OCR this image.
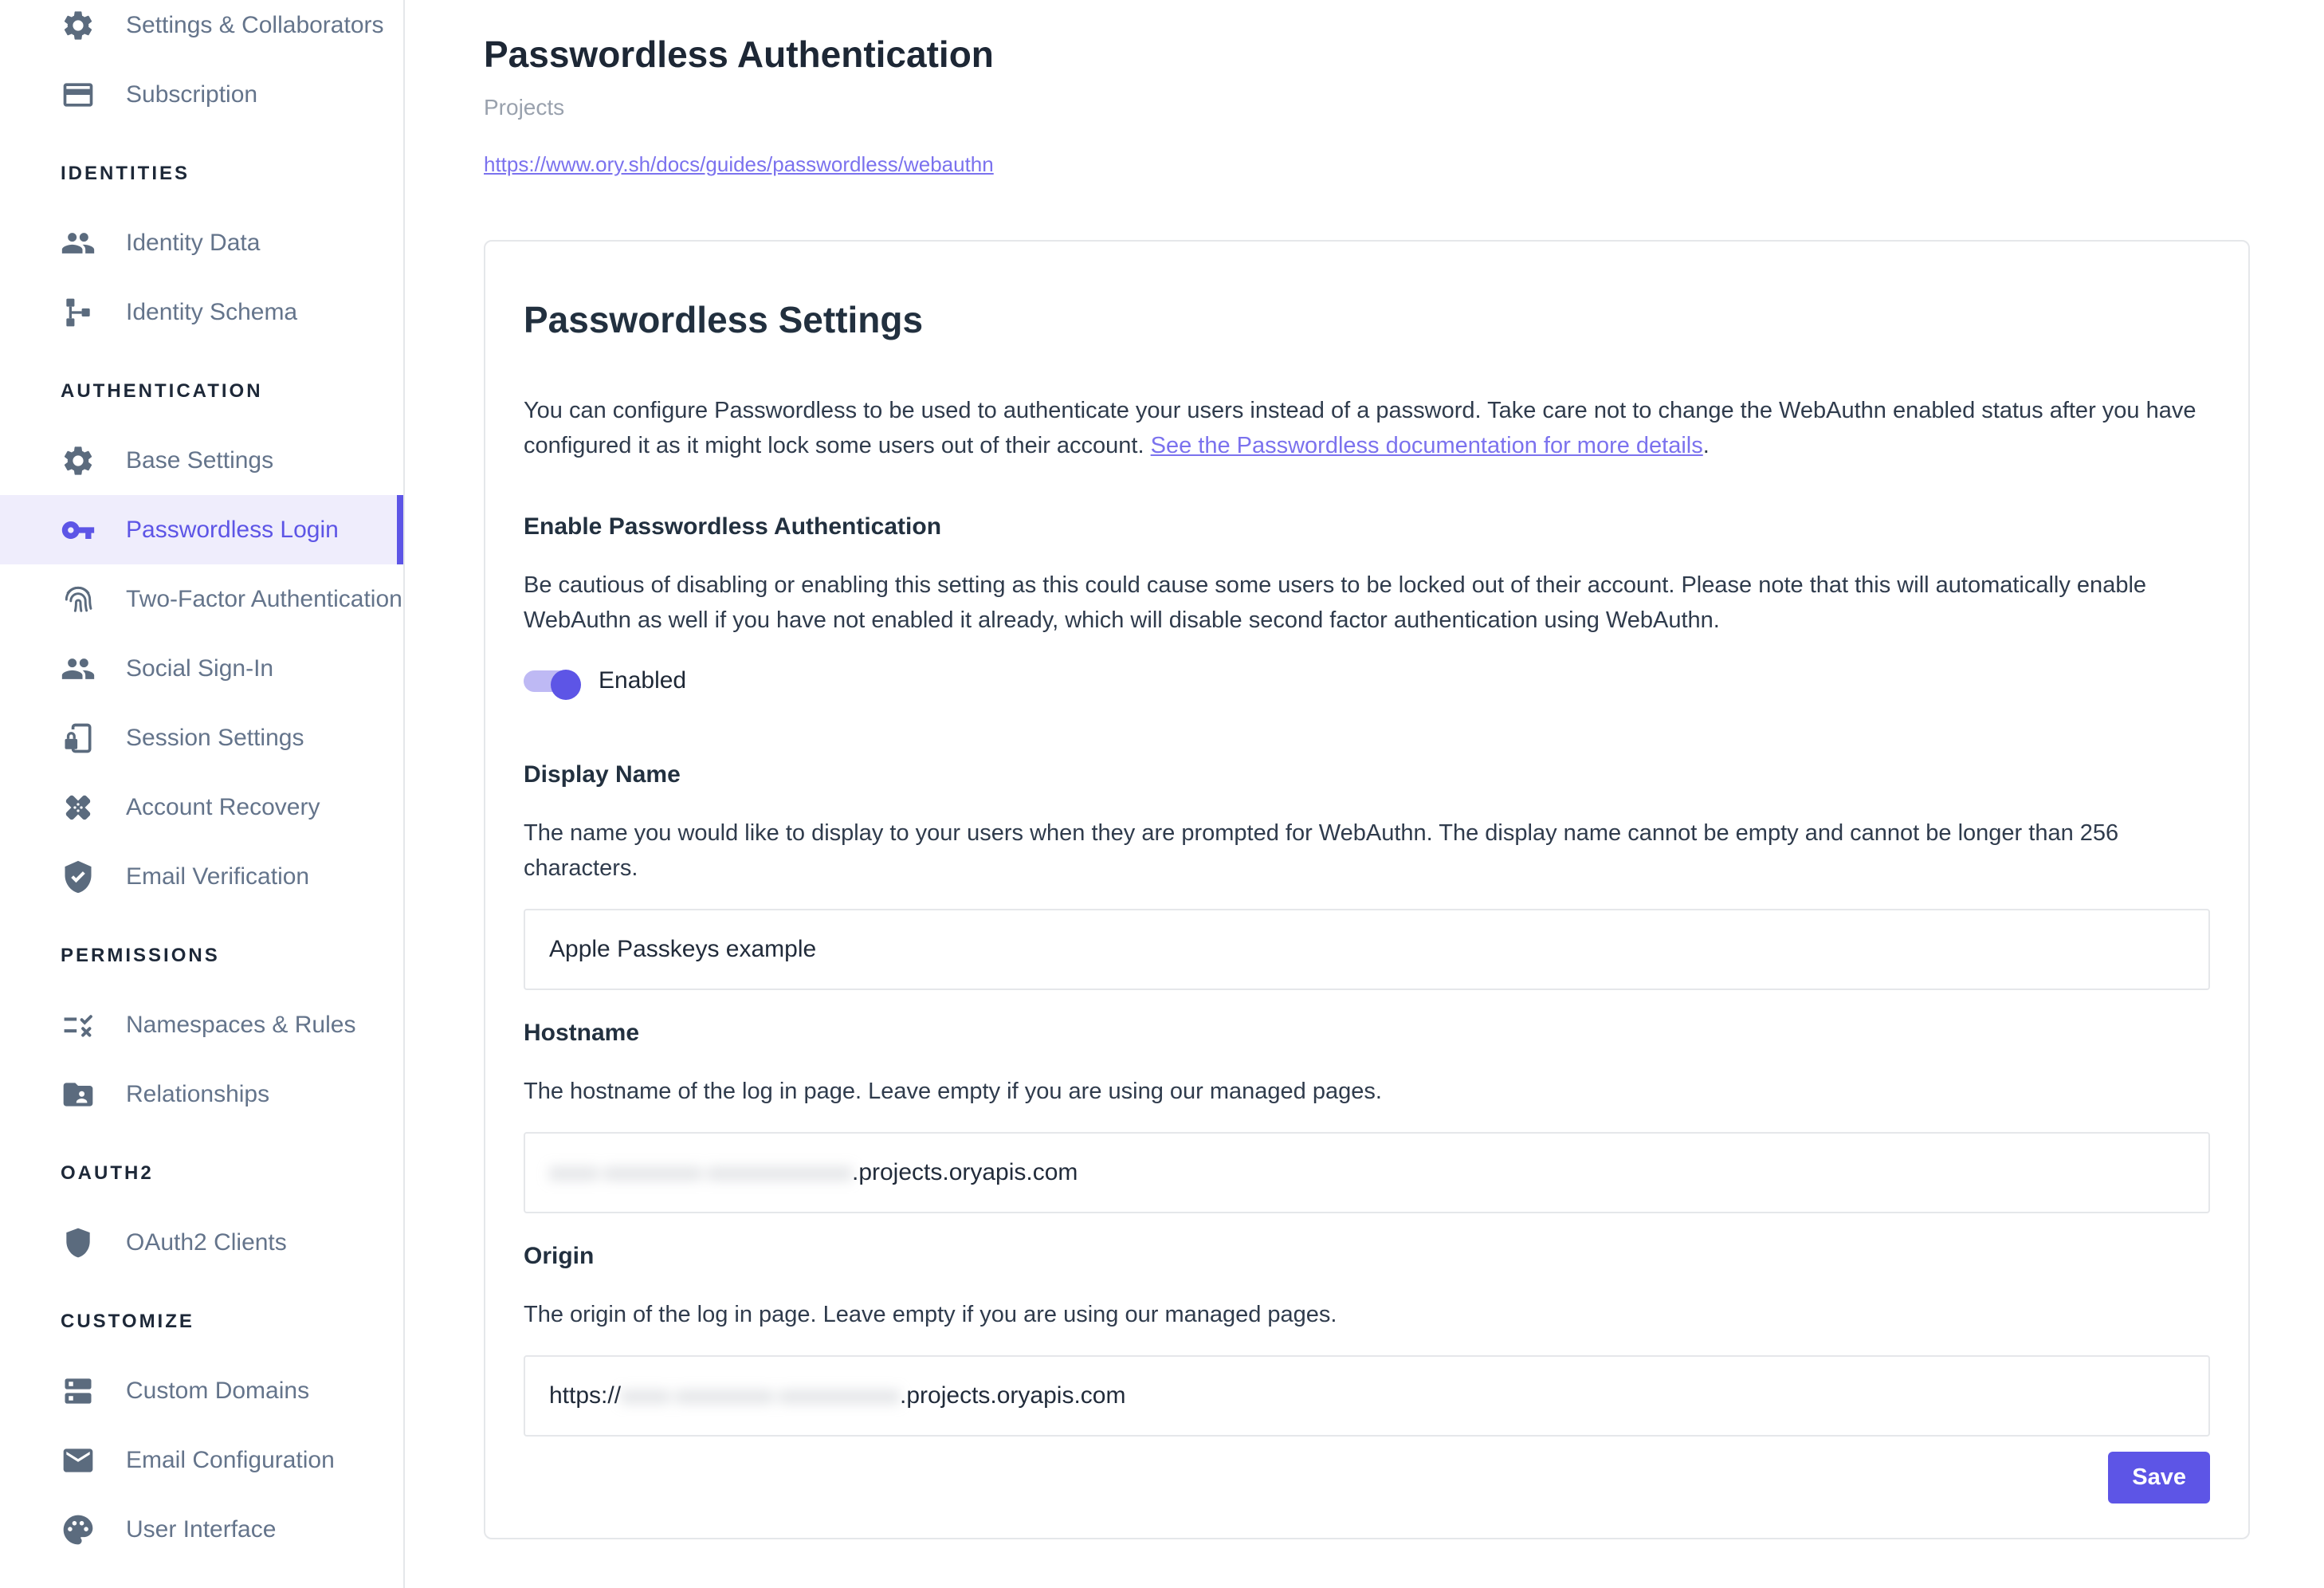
Settings & Collaborators
Subscription
IDENTITIES
Identity Data
Identity Schema
AUTHENTICATION
Base Settings
Passwordless Login
Two-Factor Authentication
Social Sign-In
Session Settings
Account Recovery
Email Verification
PERMISSIONS
Namespaces & Rules
Relationships
OAUTH2
OAuth2 Clients
CUSTOMIZE
Custom Domains
Email Configuration
User Interface
Passwordless Authentication
Projects
https://www.ory.sh/docs/guides/passwordless/webauthn
Passwordless Settings

You can configure Passwordless to be used to authenticate your users instead of a password. Take care not to change the WebAuthn enabled status after you have configured it as it might lock some users out of their account. See the Passwordless documentation for more details.

Enable Passwordless Authentication

Be cautious of disabling or enabling this setting as this could cause some users to be locked out of their account. Please note that this will automatically enable WebAuthn as well if you have not enabled it already, which will disable second factor authentication using WebAuthn.

Enabled
Display Name

The name you would like to display to your users when they are prompted for WebAuthn. The display name cannot be empty and cannot be longer than 256 characters.

Apple Passkeys example
Hostname

The hostname of the log in page. Leave empty if you are using our managed pages.

xxxx-xxxxxxxx-xxxxxxxxxxxx .projects.oryapis.com
Origin

The origin of the log in page. Leave empty if you are using our managed pages.

https:// xxxx-xxxxxxxx-xxxxxxxxxx .projects.oryapis.com
Save
